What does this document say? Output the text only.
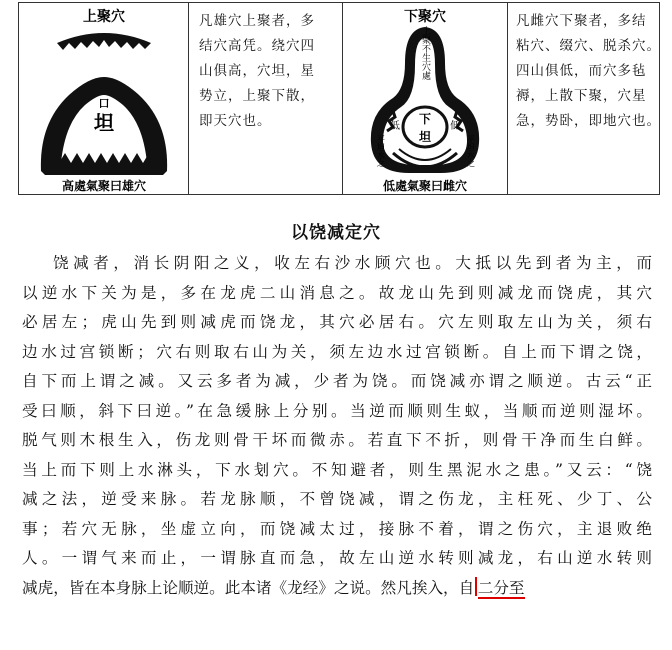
上聚穴
口
坦
高處氣聚曰雄穴
凡雄穴上聚者，多
结穴高凭。绕穴四
山俱高，穴坦，星
势立，上聚下散，
即天穴也。
下聚穴
上聚不生穴處
下
坦
低	低
平坦水之	平坦水之
低處氣聚曰雌穴
凡雌穴下聚者，多结
粘穴、缀穴、脱杀穴。
四山俱低，而穴多毡
褥，上散下聚，穴星
急，势卧，即地穴也。
以饶减定穴
饶减者，消长阴阳之义，收左右沙水顾穴也。大抵以先到者为主，而
以逆水下关为是，多在龙虎二山消息之。故龙山先到则减龙而饶虎，其穴
必居左；虎山先到则减虎而饶龙，其穴必居右。穴左则取左山为关，须右
边水过宫锁断；穴右则取右山为关，须左边水过宫锁断。自上而下谓之饶，
自下而上谓之减。又云多者为减，少者为饶。而饶减亦谓之顺逆。古云“正
受曰顺，斜下曰逆。”在急缓脉上分别。当逆而顺则生蚁，当顺而逆则湿坏。
脱气则木根生入，伤龙则骨干坏而微赤。若直下不折，则骨干净而生白鲜。
当上而下则上水淋头，下水刬穴。不知避者，则生黑泥水之患。”又云：“饶
减之法，逆受来脉。若龙脉顺，不曾饶减，谓之伤龙，主枉死、少丁、公
事；若穴无脉，坐虚立向，而饶减太过，接脉不着，谓之伤穴，主退败绝
人。一谓气来而止，一谓脉直而急，故左山逆水转则减龙，右山逆水转则
减虎，皆在本身脉上论顺逆。此本诸《龙经》之说。然凡挨入，自 二分至
